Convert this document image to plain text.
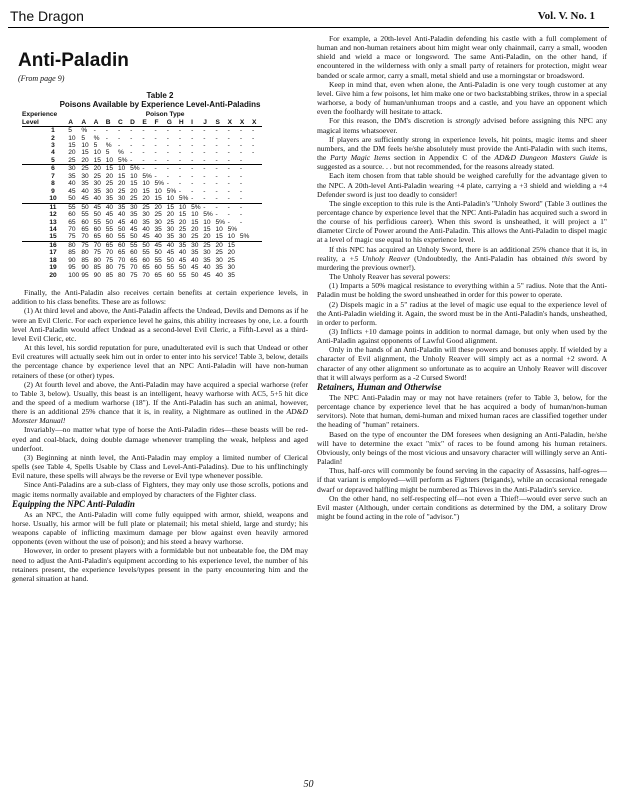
The Dragon	Vol. V. No. 1
Anti-Paladin
(From page 9)
Table 2
Poisons Available by Experience Level-Anti-Paladins
Experience	Poison Type															
Level	A	A	A	B	C	D	E	F	G	H	I	J	S	X	X	X
1	5	%	-	-	-	-	-	-	-	-	-	-	-	-	-	-
2	10	5	%	-	-	-	-	-	-	-	-	-	-	-	-	-
3	15	10	5	%	-	-	-	-	-	-	-	-	-	-	-	-
4	20	15	10	5	%	-	-	-	-	-	-	-	-	-	-	-
5	25	20	15	10	5%	-	-	-	-	-	-	-	-	-	-	
6	30	25	20	15	10	5%	-	-	-	-	-	-	-	-	-	
7	35	30	25	20	15	10	5%	-	-	-	-	-	-	-	-	
8	40	35	30	25	20	15	10	5%	-	-	-	-	-	-	-	
9	45	40	35	30	25	20	15	10	5%	-	-	-	-	-	-	
10	50	45	40	35	30	25	20	15	10	5%	-	-	-	-	-	
11	55	50	45	40	35	30	25	20	15	10	5%	-	-	-	-	
12	60	55	50	45	40	35	30	25	20	15	10	5%	-	-	-	
13	65	60	55	50	45	40	35	30	25	20	15	10	5%	-	-	
14	70	65	60	55	50	45	40	35	30	25	20	15	10	5%		
15	75	70	65	60	55	50	45	40	35	30	25	20	15	10	5%	
16	80	75	70	65	60	55	50	45	40	35	30	25	20	15		
17	85	80	75	70	65	60	55	50	45	40	35	30	25	20		
18	90	85	80	75	70	65	60	55	50	45	40	35	30	25		
19	95	90	85	80	75	70	65	60	55	50	45	40	35	30		
20	100	95	90	85	80	75	70	65	60	55	50	45	40	35		

Finally, the Anti-Paladin also receives certain benefits at certain experience levels, in addition to his class benefits. These are as follows:

(1) At third level and above, the Anti-Paladin affects the Undead, Devils and Demons as if he were an Evil Cleric. For each experience level he gains, this ability increases by one, i.e. a fourth level Anti-Paladin would affect Undead as a second-level Evil Cleric, a Fifth-Level as a third-level Evil Cleric, etc.

At this level, his sordid reputation for pure, unadulterated evil is such that Undead or other Evil creatures will actually seek him out in order to enter into his service! Table 3, below, details the percentage chance by experience level that an NPC Anti-Paladin will have non-human retainers of these (or other) types.

(2) At fourth level and above, the Anti-Paladin may have acquired a special warhorse (refer to Table 3, below). Usually, this beast is an intelligent, heavy warhorse with AC5, 5+5 hit dice and the speed of a medium warhorse (18"). If the Anti-Paladin has such an animal, however, there is an additional 25% chance that it is, in reality, a Nightmare as outlined in the AD&D Monster Manual!

Invariably—no matter what type of horse the Anti-Paladin rides—these beasts will be red-eyed and coal-black, doing double damage whenever trampling the weak, helpless and aged underfoot.

(3) Beginning at ninth level, the Anti-Paladin may employ a limited number of Clerical spells (see Table 4, Spells Usable by Class and Level-Anti-Paladins). Due to his unflinchingly Evil nature, these spells will always be the reverse or Evil type whenever possible.

Since Anti-Paladins are a sub-class of Fighters, they may only use those scrolls, potions and magic items normally available and employed by characters of the Fighter class.

Equipping the NPC Anti-Paladin

As an NPC, the Anti-Paladin will come fully equipped with armor, shield, weapons and horse. Usually, his armor will be full plate or platemail; his metal shield, large and sturdy; his weapons capable of inflicting maximum damage per blow against even heavily armored opponents (even without the use of poison); and his steed a heavy warhorse.

However, in order to present players with a formidable but not unbeatable foe, the DM may need to adjust the Anti-Paladin's equipment according to his experience level, the number of his retainers present, the experience levels/types present in the party encountering him and the general situation at hand.

For example, a 20th-level Anti-Paladin defending his castle with a full complement of human and non-human retainers about him might wear only chainmail, carry a small, wooden shield and wield a mace or longsword. The same Anti-Paladin, on the other hand, if encountered in the wilderness with only a small party of retainers for protection, might wear banded or scale armor, carry a small, metal shield and use a morningstar or broadsword.

Keep in mind that, even when alone, the Anti-Paladin is one very tough customer at any level. Give him a few poisons, let him make one or two backstabbing strikes, throw in a special warhorse, a body of human/unhuman troops and a castle, and you have an opponent which even the foolhardy will hesitate to attack.

For this reason, the DM's discretion is strongly advised before assigning this NPC any magical items whatsoever.

If players are sufficiently strong in experience levels, hit points, magic items and sheer numbers, and the DM feels he/she absolutely must provide the Anti-Paladin with such items, the Party Magic Items section in Appendix C of the AD&D Dungeon Masters Guide is suggested as a source. . . but not recommended, for the reasons already stated.

Each item chosen from that table should be weighed carefully for the advantage given to the NPC. A 20th-level Anti-Paladin wearing +4 plate, carrying a +3 shield and wielding a +4 Defender sword is just too deadly to consider!

The single exception to this rule is the Anti-Paladin's "Unholy Sword" (Table 3 outlines the percentage chance by experience level that the NPC Anti-Paladin has acquired such a sword in the course of his perfidious career). When this sword is unsheathed, it will project a 1" diameter Circle of Power around the Anti-Paladin. This allows the Anti-Paladin to dispel magic at a level of magic use equal to his experience level.

If this NPC has acquired an Unholy Sword, there is an additional 25% chance that it is, in reality, a +5 Unholy Reaver (Undoubtedly, the Anti-Paladin has obtained this sword by murdering the previous owner!).

The Unholy Reaver has several powers:

(1) Imparts a 50% magical resistance to everything within a 5" radius. Note that the Anti-Paladin must be holding the sword unsheathed in order for this power to operate.

(2) Dispels magic in a 5" radius at the level of magic use equal to the experience level of the Anti-Paladin wielding it. Again, the sword must be in the Anti-Paladin's hands, unsheathed, in order to perform.

(3) Inflicts +10 damage points in addition to normal damage, but only when used by the Anti-Paladin against opponents of Lawful Good alignment.

Only in the hands of an Anti-Paladin will these powers and bonuses apply. If wielded by a character of Evil alignment, the Unholy Reaver will simply act as a normal +2 sword. A character of any other alignment so unfortunate as to acquire an Unholy Reaver will discover that it will always perform as a -2 Cursed Sword!

Retainers, Human and Otherwise

The NPC Anti-Paladin may or may not have retainers (refer to Table 3, below, for the percentage chance by experience level that he has acquired a body of human/non-human servitors). Note that human, demi-human and mixed human races are classified together under the heading of "human" retainers.

Based on the type of encounter the DM foresees when designing an Anti-Paladin, he/she will have to determine the exact "mix" of races to be found among his human retainers. Obviously, only beings of the most vicious and unsavory character will willingly serve an Anti-Paladin!

Thus, half-orcs will commonly be found serving in the capacity of Assassins, half-ogres—if that variant is employed—will perform as Fighters (brigands), while an occasional renegade dwarf or depraved halfling might be numbered as Thieves in the Anti-Paladin's service.

On the other hand, no self-respecting elf—not even a Thief!—would ever serve such an Evil master (Although, under certain conditions as determined by the DM, a solitary Drow might be found acting in the role of "advisor.")

50
